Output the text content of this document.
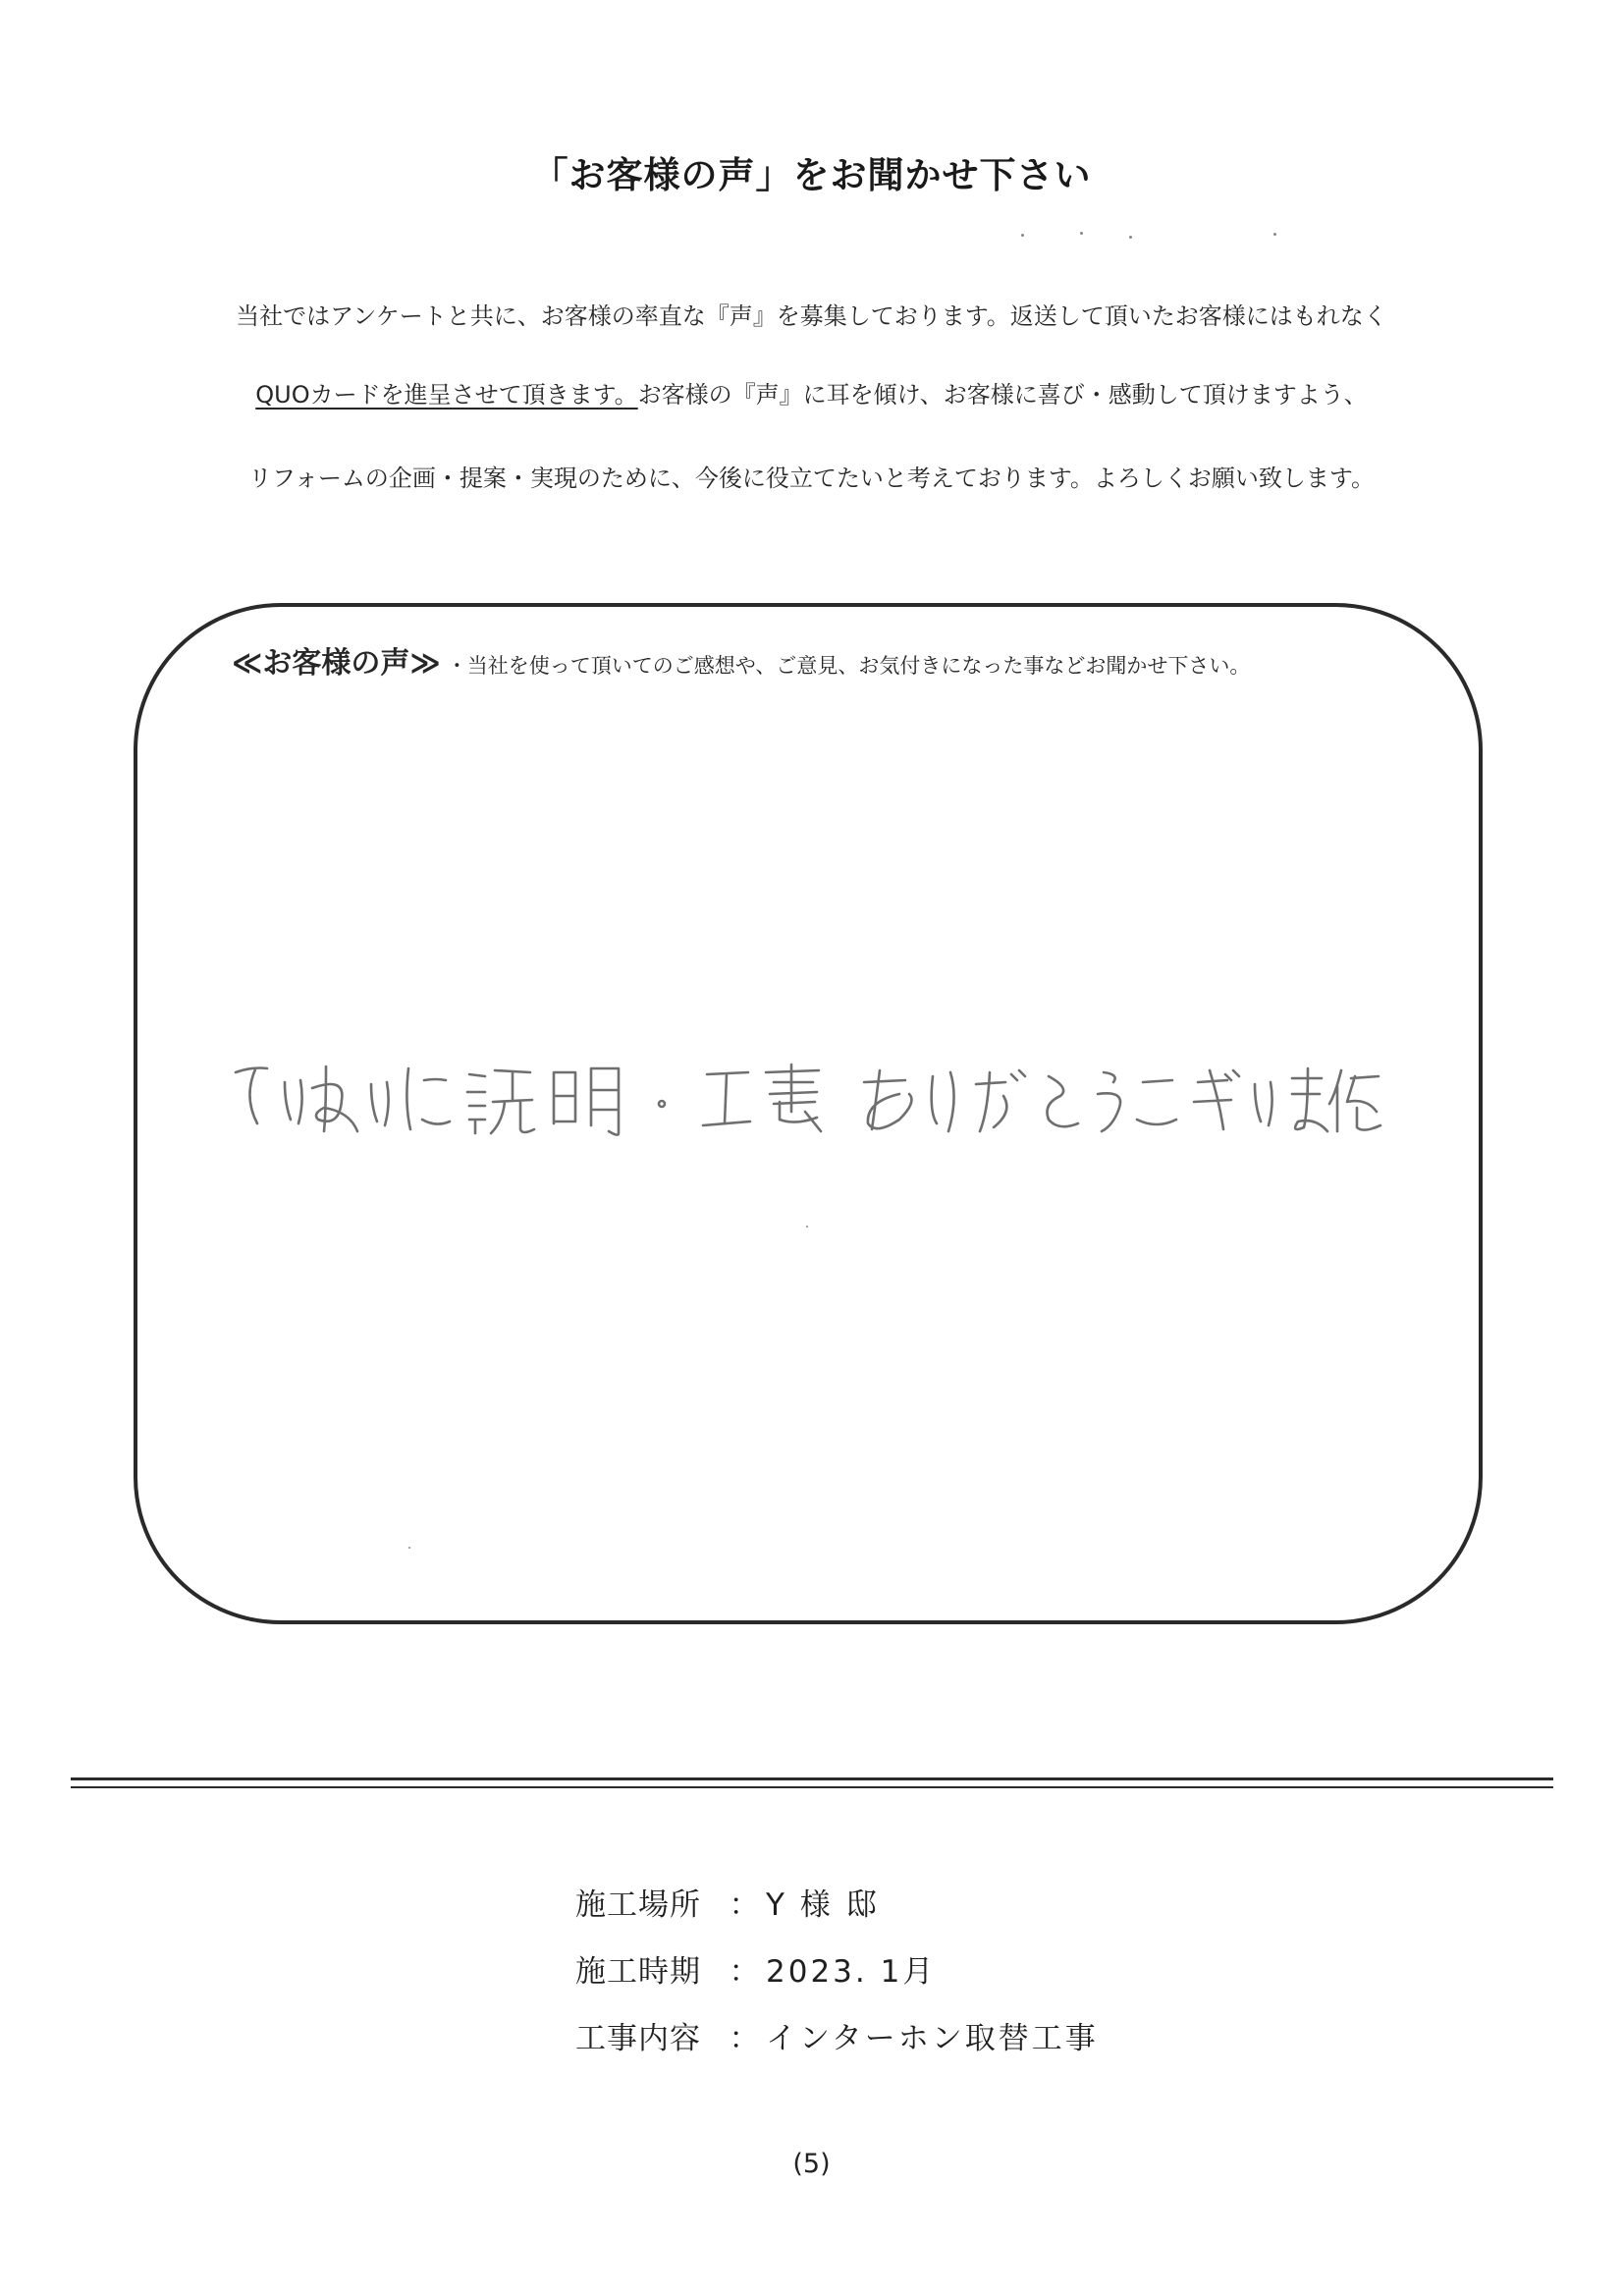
「お客様の声」をお聞かせ下さい
当社ではアンケートと共に、お客様の率直な『声』を募集しております。返送して頂いたお客様にはもれなく
QUOカードを進呈させて頂きます。お客様の『声』に耳を傾け、お客様に喜び・感動して頂けますよう、
リフォームの企画・提案・実現のために、今後に役立てたいと考えております。よろしくお願い致します。
≪お客様の声≫ ・当社を使って頂いてのご感想や、ご意見、お気付きになった事などお聞かせ下さい。
施工場所 ： Y 様 邸
施工時期 ： 2023. 1月
工事内容 ： インターホン取替工事
(5)
